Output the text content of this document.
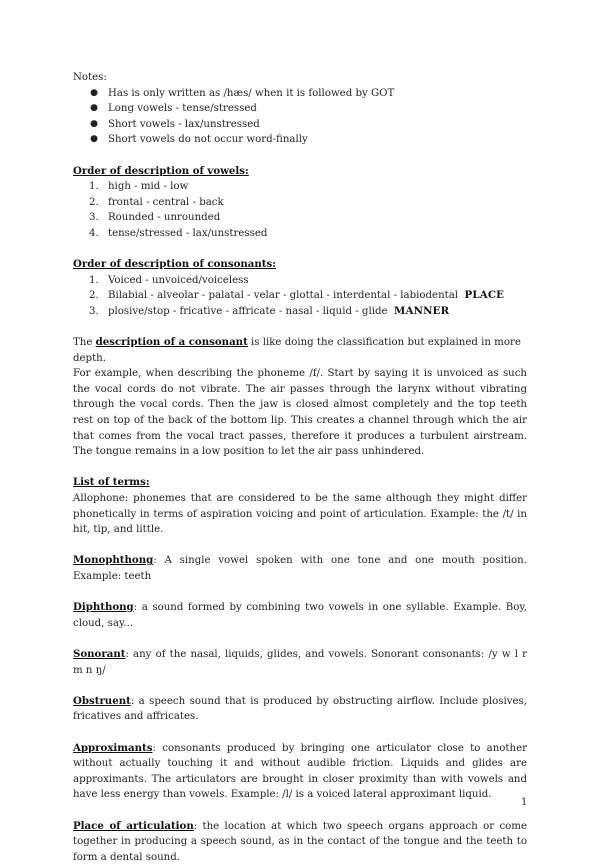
Notes:

● Has is only written as /hæs/ when it is followed by GOT
● Long vowels - tense/stressed
● Short vowels - lax/unstressed
● Short vowels do not occur word-finally

Order of description of vowels:

1. high - mid - low
2. frontal - central - back
3. Rounded - unrounded
4. tense/stressed - lax/unstressed

Order of description of consonants:

1. Voiced - unvoiced/voiceless
2. Bilabial - alveolar - palatal - velar - glottal - interdental - labiodental PLACE
3. plosive/stop - fricative - affricate - nasal - liquid - glide MANNER

The description of a consonant is like doing the classification but explained in more depth.

For example, when describing the phoneme /f/. Start by saying it is unvoiced as such the vocal cords do not vibrate. The air passes through the larynx without vibrating through the vocal cords. Then the jaw is closed almost completely and the top teeth rest on top of the back of the bottom lip. This creates a channel through which the air that comes from the vocal tract passes, therefore it produces a turbulent airstream. The tongue remains in a low position to let the air pass unhindered.

List of terms:

Allophone: phonemes that are considered to be the same although they might differ phonetically in terms of aspiration voicing and point of articulation. Example: the /t/ in hit, tip, and little.

Monophthong: A single vowel spoken with one tone and one mouth position. Example: teeth

Diphthong: a sound formed by combining two vowels in one syllable. Example. Boy, cloud, say...

Sonorant: any of the nasal, liquids, glides, and vowels. Sonorant consonants: /y w l r m n ŋ/

Obstruent: a speech sound that is produced by obstructing airflow. Include plosives, fricatives and affricates.

Approximants: consonants produced by bringing one articulator close to another without actually touching it and without audible friction. Liquids and glides are approximants. The articulators are brought in closer proximity than with vowels and have less energy than vowels. Example: /l/ is a voiced lateral approximant liquid.

Place of articulation: the location at which two speech organs approach or come together in producing a speech sound, as in the contact of the tongue and the teeth to form a dental sound.

1
